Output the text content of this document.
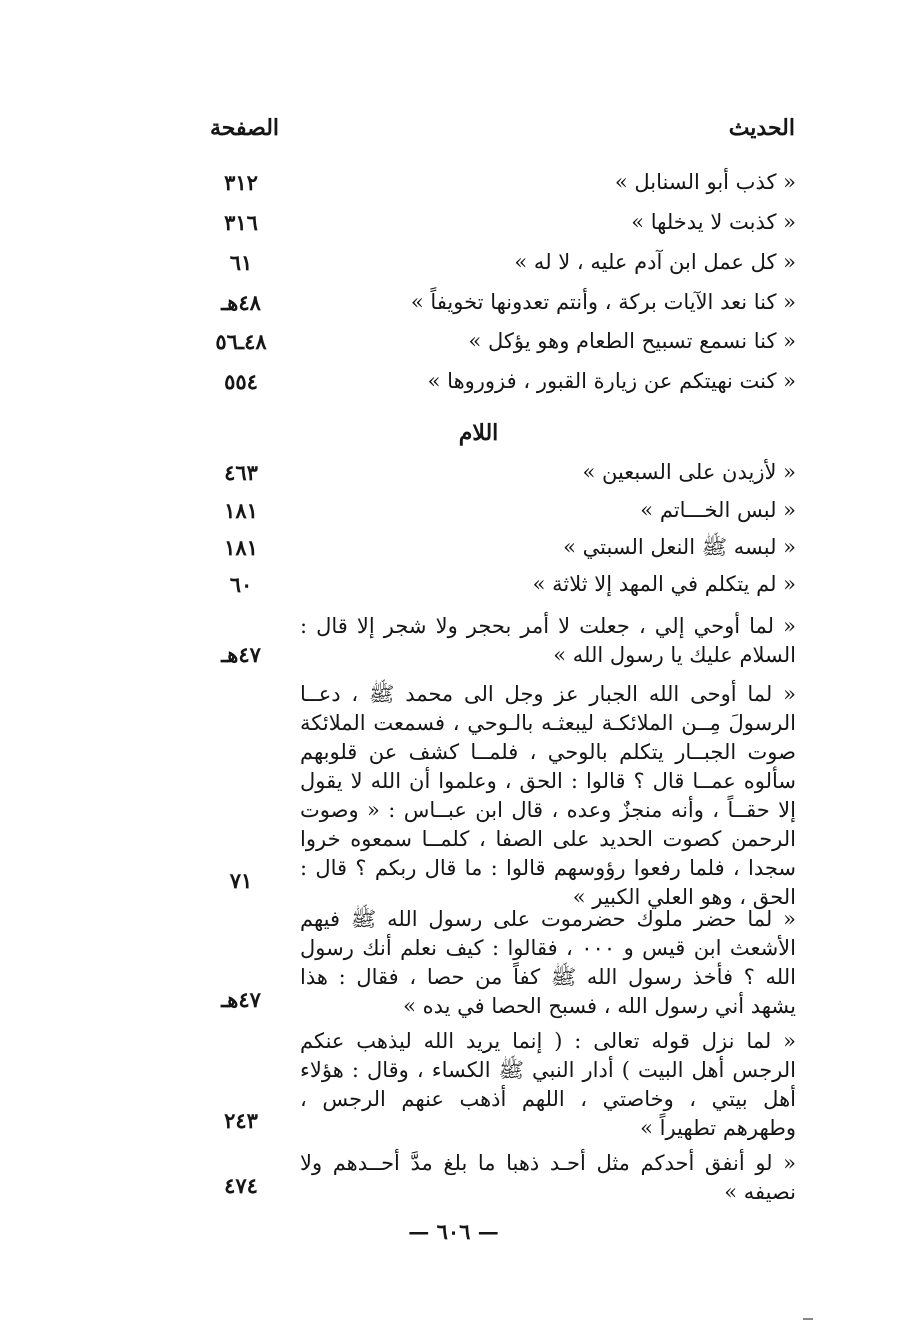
الحديث
الصفحة
« كذب أبو السنابل »
٣١٢
« كذبت لا يدخلها »
٣١٦
« كل عمل ابن آدم عليه ، لا له »
٦١
« كنا نعد الآيات بركة ، وأنتم تعدونها تخويفاً »
٤٨هـ
« كنا نسمع تسبيح الطعام وهو يؤكل »
٤٨ـ٥٦
« كنت نهيتكم عن زيارة القبور ، فزوروها »
٥٥٤
اللام
« لأزيدن على السبعين »
٤٦٣
« لبس الخـــاتم »
١٨١
« لبسه ﷺ النعل السبتي »
١٨١
« لم يتكلم في المهد إلا ثلاثة »
٦٠
« لما أوحي إلي ، جعلت لا أمر بحجر ولا شجر إلا قال : السلام عليك يا رسول الله »
٤٧هـ
« لما أوحى الله الجبار عز وجل الى محمد ﷺ ، دعــا الرسولَ مِــن الملائكـة ليبعثـه بالـوحي ، فسمعت الملائكة صوت الجبــار يتكلم بالوحي ، فلمــا كشف عن قلوبهم سألوه عمــا قال ؟ قالوا : الحق ، وعلموا أن الله لا يقول إلا حقــاً ، وأنه منجزٌ وعده ، قال ابن عبــاس : « وصوت الرحمن كصوت الحديد على الصفا ، كلمــا سمعوه خروا سجدا ، فلما رفعوا رؤوسهم قالوا : ما قال ربكم ؟ قال : الحق ، وهو العلي الكبير »
٧١
« لما حضر ملوك حضرموت على رسول الله ﷺ فيهم الأشعث ابن قيس و ٠٠٠ ، فقالوا : كيف نعلم أنك رسول الله ؟ فأخذ رسول الله ﷺ كفاً من حصا ، فقال : هذا يشهد أني رسول الله ، فسبح الحصا في يده »
٤٧هـ
« لما نزل قوله تعالى : ( إنما يريد الله ليذهب عنكم الرجس أهل البيت ) أدار النبي ﷺ الكساء ، وقال : هؤلاء أهل بيتي ، وخاصتي ، اللهم أذهب عنهم الرجس ، وطهرهم تطهيراً »
٢٤٣
« لو أنفق أحدكم مثل أحـد ذهبا ما بلغ مدَّ أحــدهم ولا نصيفه »
٤٧٤
— ٦٠٦ —
